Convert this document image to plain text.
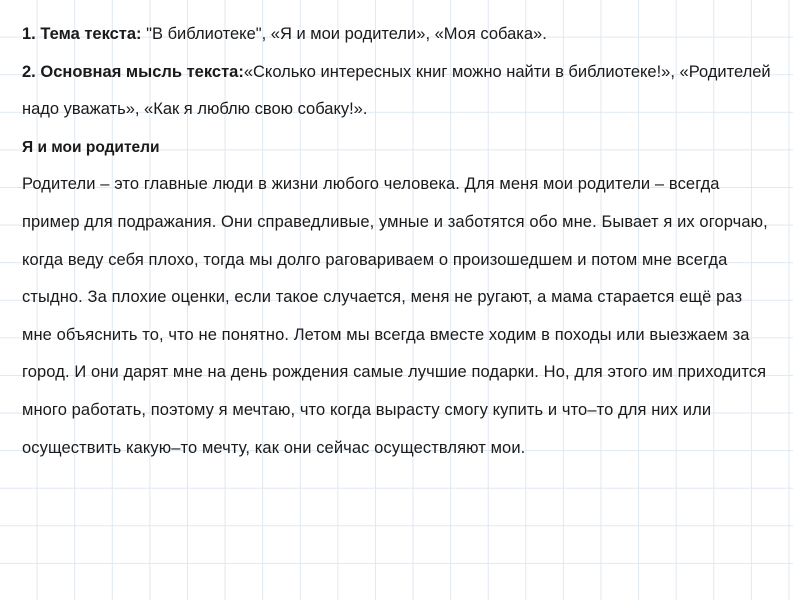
1. Тема текста: "В библиотеке", «Я и мои родители», «Моя собака».

2. Основная мысль текста:«Сколько интересных книг можно найти в библиотеке!», «Родителей надо уважать», «Как я люблю свою собаку!».

Я и мои родители

Родители – это главные люди в жизни любого человека. Для меня мои родители – всегда пример для подражания. Они справедливые, умные и заботятся обо мне. Бывает я их огорчаю, когда веду себя плохо, тогда мы долго раговариваем о произошедшем и потом мне всегда стыдно. За плохие оценки, если такое случается, меня не ругают, а мама старается ещё раз мне объяснить то, что не понятно. Летом мы всегда вместе ходим в походы или выезжаем за город. И они дарят мне на день рождения самые лучшие подарки. Но, для этого им приходится много работать, поэтому я мечтаю, что когда вырасту смогу купить и что–то для них или осуществить какую–то мечту, как они сейчас осуществляют мои.
